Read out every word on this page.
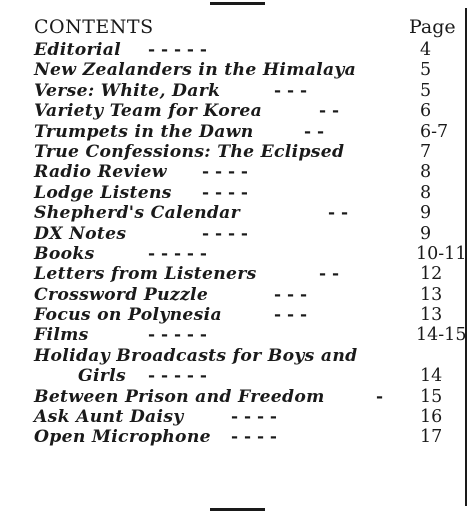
CONTENTS	Page
Editorial - - - - -	4
New Zealanders in the Himalaya	5
Verse: White, Dark	- - -	5
Variety Team for Korea	- -	6
Trumpets in the Dawn	- -	6-7
True Confessions: The Eclipsed	7
Radio Review - - - -	8
Lodge Listens - - - -	8
Shepherd's Calendar	- -	9
DX Notes	- - - -	9
Books	- - - - -	10-11
Letters from Listeners	- -	12
Crossword Puzzle	- - -	13
Focus on Polynesia	- - -	13
Films	- - - - -	14-15
Holiday Broadcasts for Boys and
Girls - - - - -	14
Between Prison and Freedom	- 15
Ask Aunt Daisy	- - - -	16
Open Microphone - - - -	17
